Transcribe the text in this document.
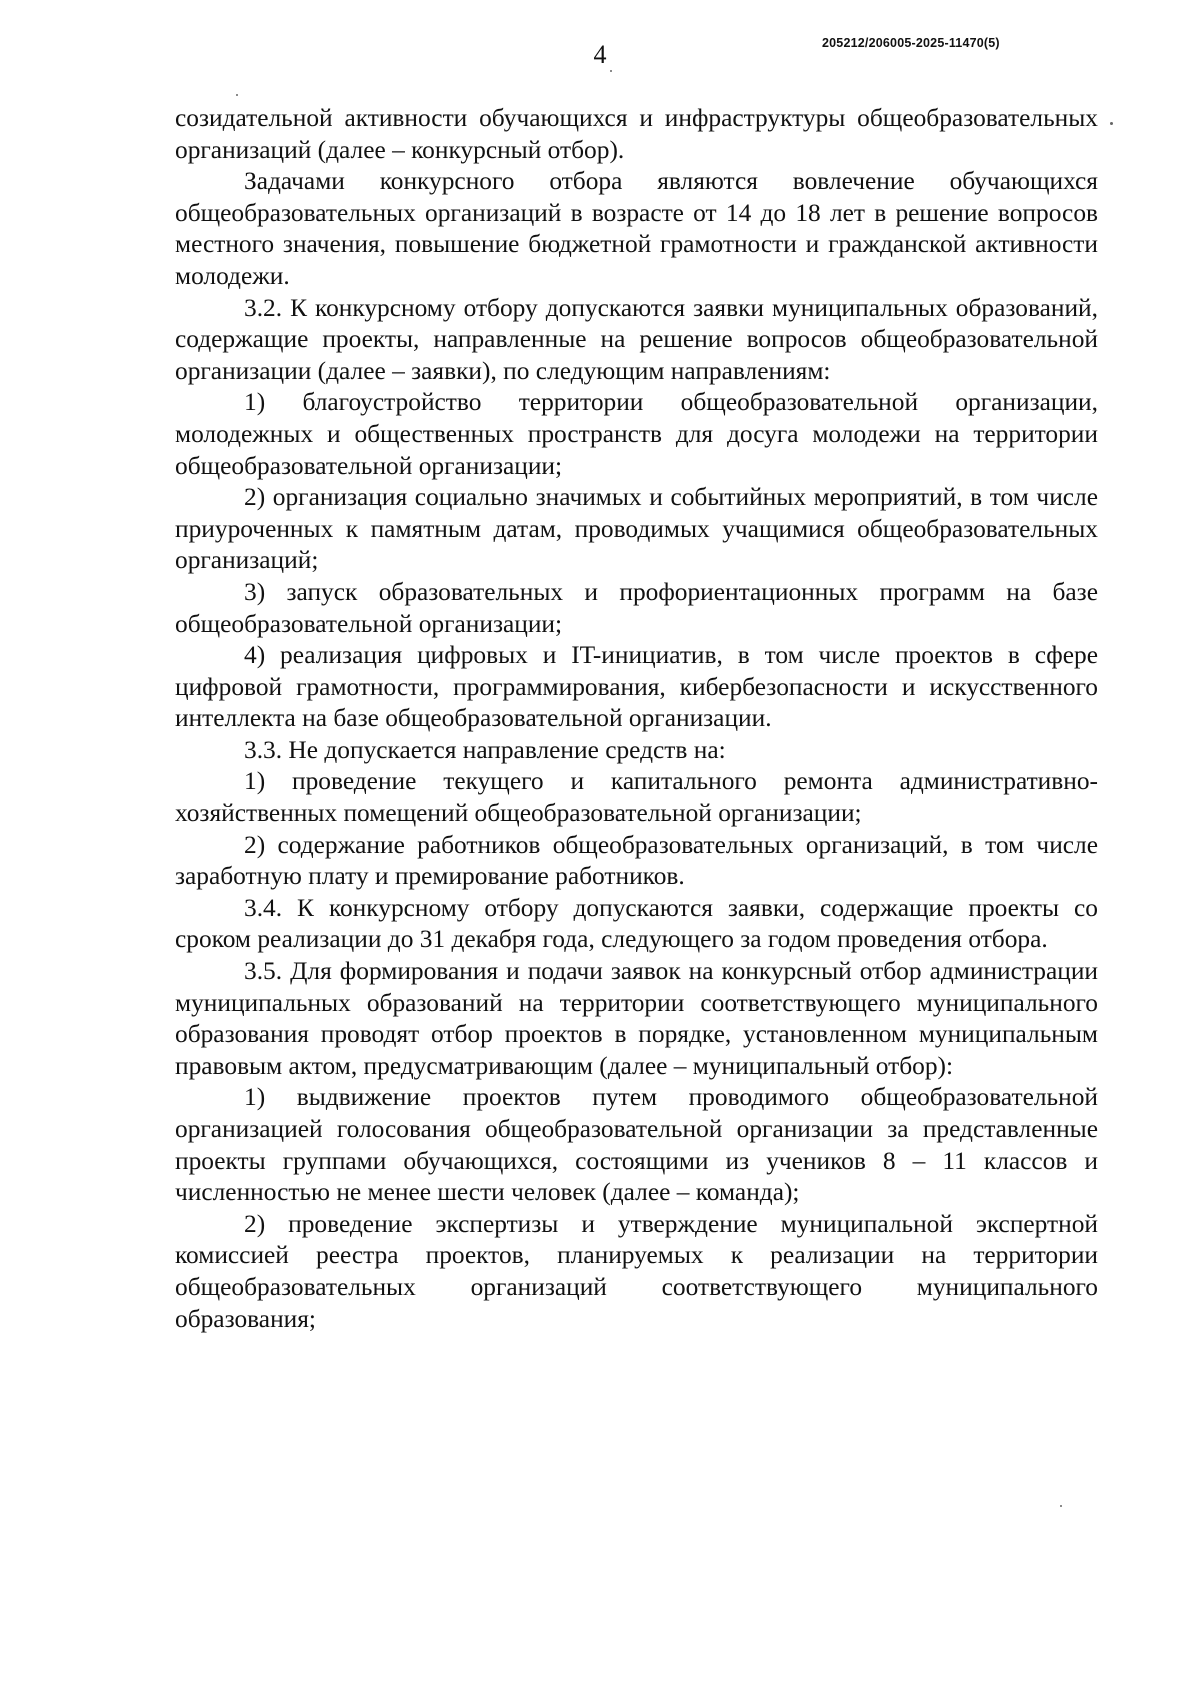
4	205212/206005-2025-11470(5)

созидательной активности обучающихся и инфраструктуры общеобразовательных организаций (далее – конкурсный отбор).

Задачами конкурсного отбора являются вовлечение обучающихся общеобразовательных организаций в возрасте от 14 до 18 лет в решение вопросов местного значения, повышение бюджетной грамотности и гражданской активности молодежи.

3.2. К конкурсному отбору допускаются заявки муниципальных образований, содержащие проекты, направленные на решение вопросов общеобразовательной организации (далее – заявки), по следующим направлениям:

1) благоустройство территории общеобразовательной организации, молодежных и общественных пространств для досуга молодежи на территории общеобразовательной организации;

2) организация социально значимых и событийных мероприятий, в том числе приуроченных к памятным датам, проводимых учащимися общеобразовательных организаций;

3) запуск образовательных и профориентационных программ на базе общеобразовательной организации;

4) реализация цифровых и IT-инициатив, в том числе проектов в сфере цифровой грамотности, программирования, кибербезопасности и искусственного интеллекта на базе общеобразовательной организации.

3.3. Не допускается направление средств на:

1) проведение текущего и капитального ремонта административно-хозяйственных помещений общеобразовательной организации;

2) содержание работников общеобразовательных организаций, в том числе заработную плату и премирование работников.

3.4. К конкурсному отбору допускаются заявки, содержащие проекты со сроком реализации до 31 декабря года, следующего за годом проведения отбора.

3.5. Для формирования и подачи заявок на конкурсный отбор администрации муниципальных образований на территории соответствующего муниципального образования проводят отбор проектов в порядке, установленном муниципальным правовым актом, предусматривающим (далее – муниципальный отбор):

1) выдвижение проектов путем проводимого общеобразовательной организацией голосования общеобразовательной организации за представленные проекты группами обучающихся, состоящими из учеников 8 – 11 классов и численностью не менее шести человек (далее – команда);

2) проведение экспертизы и утверждение муниципальной экспертной комиссией реестра проектов, планируемых к реализации на территории общеобразовательных организаций соответствующего муниципального образования;
